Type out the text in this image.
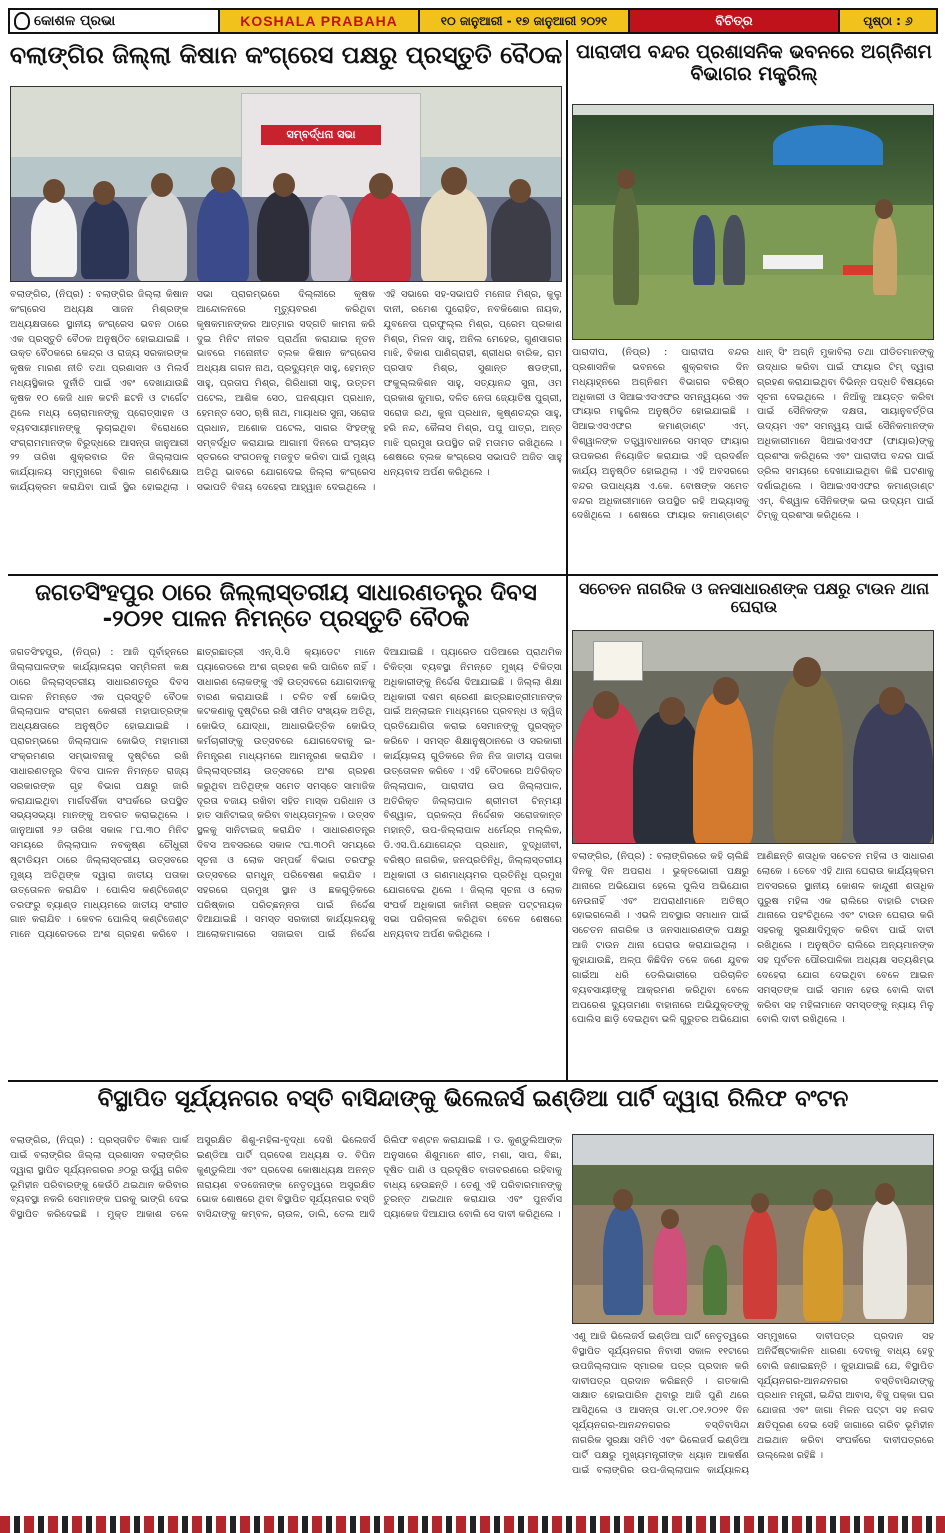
କୋଶଳ ପ୍ରଭା	KOSHALA PRABAHA	୧୦ ଜାନୁଆରୀ - ୧୭ ଜାନୁଆରୀ ୨୦୨୧	ବିଚିତ୍ର	ପୃଷ୍ଠା : ୬
ବଲାଙ୍ଗିର ଜିଲ୍ଲା କିଷାନ କଂଗ୍ରେସ ପକ୍ଷରୁ ପ୍ରସ୍ତୁତି ବୈଠକ
ସମ୍ବର୍ଦ୍ଧନା ସଭା
ବଲାଙ୍ଗିର, (ନିପ୍ର) : ବଲାଙ୍ଗିର ଜିଲ୍ଲା କିଷାନ କଂଗ୍ରେସ ଅଧ୍ୟକ୍ଷ ସାଜନ ମିଶ୍ରଙ୍କ ଅଧ୍ୟକ୍ଷତାରେ ସ୍ଥାନୀୟ କଂଗ୍ରେସ ଭବନ ଠାରେ ଏକ ପ୍ରସ୍ତୁତି ବୈଠକ ଅନୁଷ୍ଠିତ ହୋଇଯାଇଛି । ଉକ୍ତ ବୈଠକରେ କେନ୍ଦ୍ର ଓ ରାଜ୍ୟ ସରକାରଙ୍କ କୃଷକ ମାରଣ ନୀତି ତଥା ପ୍ରଶାସନ ଓ ମିଲର୍ସ ମଧ୍ୟସ୍ଥିକାର ଦୁର୍ନୀତି ପାଇଁ ଏବଂ ଦେଖାଯାଉଛି କୃଷକ ୧୦ କେଜି ଧାନ କଟନି ଛଟନି ଓ ଟାର୍ଗେଟ ଥିଲେ ମଧ୍ୟ ଚୋରାମାନଙ୍କୁ ପ୍ରୋତ୍ସାହନ ଓ ବ୍ୟବସାୟୀମାନଙ୍କୁ ଲୁଚାଇଥିବା ବିରୋଧରେ ସଂଗ୍ରାମମାନଙ୍କ ବିରୁଦ୍ଧରେ ଆସନ୍ତା ଜାନୁଆରୀ ୨୨ ତାରିଖ ଶୁକ୍ରବାର ଦିନ ଜିଲ୍ଲାପାଳ କାର୍ଯ୍ୟାଳୟ ସମ୍ମୁଖରେ ବିଶାଳ ଗଣବିକ୍ଷୋଭ କାର୍ଯ୍ୟକ୍ରମ କରାଯିବା ପାଇଁ ସ୍ଥିର ହୋଇଥିଲା । ସଭା ପ୍ରାରମ୍ଭରେ ଦିଲ୍ଲୀରେ କୃଷକ ଆନ୍ଦୋଳନରେ ମୃତ୍ୟୁବରଣ କରିଥିବା କୃଷକମାନଙ୍କର ଆତ୍ମାର ସଦ୍ଗତି କାମନା କରି ଦୁଇ ମିନିଟ ନୀରବ ପ୍ରାର୍ଥନା କରାଯାଇ ନୂତନ ଭାବରେ ମନୋନୀତ ବ୍ଲକ କିଷାନ କଂଗ୍ରେସ ଅଧ୍ୟକ୍ଷ ଗଗନ ନାଥ, ପ୍ରଦ୍ୟୁମ୍ନ ସାହୁ, ହେମନ୍ତ ସାହୁ, ପ୍ରତାପ ମିଶ୍ର, ଗିରିଧାରୀ ସାହୁ, ଉତ୍ତମ ପଟେଲ, ଆଶିକ ସେଠ, ଘନଶ୍ୟାମ ପ୍ରଧାନ, ହେମନ୍ତ ସେଠ, ଋଷି ନାଥ, ମାୟାଧର ସୁନା, ସରୋଜ ପ୍ରଧାନ, ଅଶୋକ ପଟେଲ, ସାଗର ସିଂହଙ୍କୁ ସମ୍ବର୍ଦ୍ଧିତ କରାଯାଇ ଆଗାମୀ ଦିନରେ ପଂଚାୟତ ସ୍ତରରେ ସଂଗଠନକୁ ମଜବୁତ କରିବା ପାଇଁ ମୁଖ୍ୟ ଅତିଥି ଭାବରେ ଯୋଗଦେଇ ଜିଲ୍ଲା କଂଗ୍ରେସ ସଭାପତି ବିଜୟ ଦେହେରା ଆହ୍ୱାନ ଦେଇଥିଲେ । ଏହି ସଭାରେ ସହ-ସଭାପତି ମନୋଜ ମିଶ୍ର, କୁଲୁ ଦାନୀ, ରମେଶ ପୁରୋହିତ, ନବକିଶୋର ନାୟକ, ଯୁବନେତା ପ୍ରଫୁଲ୍ଲ ମିଶ୍ର, ପ୍ରେମ ପ୍ରକାଶ ମିଶ୍ର, ମିଳନ ସାହୁ, ଅନିଲ ମେହେର, ଗୁଣସାଗର ମାଝି, ବିକାଶ ପାଣିଗ୍ରାହୀ, ଶ୍ରୀଧର ବାରିକ, ରାମ ପ୍ରସାଦ ମିଶ୍ର, ସୁଶାନ୍ତ ଷଡଙ୍ଗୀ, ଫକୁଲ୍ଲକିଶନ ସାହୁ, ସତ୍ୟାନନ୍ଦ ସୁନା, ଓମ ପ୍ରକାଶ କୁମାର, ଦଳିତ ନେତା ଜ୍ୟୋତିଷ ପୁଗ୍ରୀ, ସରୋଜ ରଥ, କୁନା ପ୍ରଧାନ, କୃଷ୍ଣଚନ୍ଦ୍ର ସାହୁ, ହରି ନନ୍ଦ, କୈଳାସ ମିଶ୍ର, ପପୁ ପାତ୍ର, ଅନ୍ତ ମାଝି ପ୍ରମୁଖ ଉପସ୍ଥିତ ରହି ମତାମତ ରଖିଥିଲେ । ଶେଷରେ ବ୍ଲକ କଂଗ୍ରେସ ସଭାପତି ଅଜିତ ସାହୁ ଧନ୍ୟବାଦ ଅର୍ପଣ କରିଥିଲେ ।
ପାରାଦୀପ ବନ୍ଦର ପ୍ରଶାସନିକ ଭବନରେ ଅଗ୍ନିଶମ ବିଭାଗର ମକ୍ଡ୍ରିଲ୍
ପାରାଦୀପ, (ନିପ୍ର) : ପାରାଦୀପ ବନ୍ଦର ପ୍ରଶାସନିକ ଭବନରେ ଶୁକ୍ରବାର ଦିନ ମଧ୍ୟାହ୍ନରେ ଅଗ୍ନିଶମ ବିଭାଗର ବରିଷ୍ଠ ଅଧିକାରୀ ଓ ସିଆଇଏସଏଫର ସମନ୍ୱୟରେ ଏକ ଫାୟାର ମକ୍ଡ୍ରିଲ ଅନୁଷ୍ଠିତ ହୋଇଯାଇଛି । ସିଆଇଏସଏଫର କମାଣ୍ଡାଣ୍ଟ ଏମ୍. ବିଶ୍ୱାଳଙ୍କ ତତ୍ତ୍ୱାବଧାନରେ ସମସ୍ତ ଫାୟାର ଉପକରଣ ନିୟୋଜିତ କରାଯାଇ ଏହି ପ୍ରଦର୍ଶନ କାର୍ଯ୍ୟ ଅନୁଷ୍ଠିତ ହୋଇଥିଲା । ଏହି ଅବସରରେ ବନ୍ଦର ଉପାଧ୍ୟକ୍ଷ ଏ.କେ. ବୋଷଙ୍କ ସମେତ ବନ୍ଦର ଅଧିକାରୀମାନେ ଉପସ୍ଥିତ ରହି ଅଭ୍ୟାସକୁ ଦେଖିଥିଲେ । ଶେଷରେ ଫାୟାର କମାଣ୍ଡାଣ୍ଟ ଧାନ୍ ସିଂ ଅଗ୍ନି ମୁକାବିଲା ତଥା ପୀଡିତମାନଙ୍କୁ ଉଦ୍ଧାର କରିବା ପାଇଁ ଫାୟାର ଟିମ୍ ଦ୍ୱାରା ଗ୍ରହଣ କରାଯାଇଥିବା ବିଭିନ୍ନ ପଦ୍ଧତି ବିଷୟରେ ସୂଚନା ଦେଇଥିଲେ । ନିଆଁକୁ ଆୟତ୍ତ କରିବା ପାଇଁ ସୈନିକଙ୍କ ଦକ୍ଷତା, ସାୟାନୁବର୍ତ୍ତିତା ଉଦ୍ୟମ ଏବଂ ସମନ୍ୱୟ ପାଇଁ ସୈନିକମାନଙ୍କ ଅଧିକାରୀମାନେ ସିଆଇଏସଏଫ (ଫାୟାର)ଙ୍କୁ ପ୍ରଶଂସା କରିଥିଲେ ଏବଂ ପାରାଦୀପ ବନ୍ଦର ପାଇଁ ଡ୍ରିଲ ସମୟରେ ଦେଖାଯାଇଥିବା କିଛି ଘଟଣାକୁ ଦର୍ଶାଇଥିଲେ । ସିଆଇଏସଏଫର କମାଣ୍ଡାଣ୍ଟ ଏମ୍. ବିଶ୍ୱାଳ ସୈନିକଙ୍କ ଭଲ ଉଦ୍ୟମ ପାଇଁ ଟିମ୍କୁ ପ୍ରଶଂସା କରିଥିଲେ ।
ଜଗତସିଂହପୁର ଠାରେ ଜିଲ୍ଲାସ୍ତରୀୟ ସାଧାରଣତନ୍ତ୍ର ଦିବସ -୨୦୨୧ ପାଳନ ନିମନ୍ତେ ପ୍ରସ୍ତୁତି ବୈଠକ
ଜଗତସିଂହପୁର, (ନିପ୍ର) : ଆଜି ପୂର୍ବାହ୍ନରେ ଜିଲ୍ଲାପାଳଙ୍କ କାର୍ଯ୍ୟାଳୟର ସମ୍ମିଳନୀ କକ୍ଷ ଠାରେ ଜିଲ୍ଲାସ୍ତରୀୟ ସାଧାରଣତନ୍ତ୍ର ଦିବସ ପାଳନ ନିମନ୍ତେ ଏକ ପ୍ରସ୍ତୁତି ବୈଠକ ଜିଲ୍ଲାପାଳ ସଂଗ୍ରାମ କେଶରୀ ମହାପାତ୍ରଙ୍କ ଅଧ୍ୟକ୍ଷତାରେ ଅନୁଷ୍ଠିତ ହୋଇଯାଇଛି । ପ୍ରାରମ୍ଭରେ ଜିଲ୍ଲାପାଳ କୋଭିଡ୍ ମହାମାରୀ ସଂକ୍ରମଣର ସମ୍ଭାବନାକୁ ଦୃଷ୍ଟିରେ ରଖି ସାଧାରଣତନ୍ତ୍ର ଦିବସ ପାଳନ ନିମନ୍ତେ ରାଜ୍ୟ ସରକାରଙ୍କ ଗୃହ ବିଭାଗ ପକ୍ଷରୁ ଜାରି କରାଯାଇଥିବା ମାର୍ଗଦର୍ଶିକା ସଂପର୍କରେ ଉପସ୍ଥିତ ସଭ୍ୟସଭ୍ୟା ମାନଙ୍କୁ ଅବଗତ କରାଇଥିଲେ । ଜାନୁଆରୀ ୨୬ ତାରିଖ ସକାଳ ୮ଘ.୩୦ ମିନିଟ ସମୟରେ ଜିଲ୍ଲାପାଳ ନବକୃଷ୍ଣ ଚୌଧୁରୀ ଷ୍ଟାଡିୟମ ଠାରେ ଜିଲ୍ଲାସ୍ତରୀୟ ଉତ୍ସବରେ ମୁଖ୍ୟ ଅତିଥିଙ୍କ ଦ୍ୱାରା ଜାତୀୟ ପତାକା ଉତ୍ତୋଳନ କରାଯିବ । ପୋଲିସ କଣ୍ଟିଜେଣ୍ଟ ତରଫରୁ ବ୍ୟାଣ୍ଡ ମାଧ୍ୟମରେ ଜାତୀୟ ସଂଗୀତ ଗାନ କରାଯିବ । କେବଳ ପୋଲିସ୍ କଣ୍ଟିଜେଣ୍ଟ ମାନେ ପ୍ୟାରେଡରେ ଅଂଶ ଗ୍ରହଣ କରିବେ । ଛାତ୍ରଛାତ୍ରୀ ଏନ୍.ସି.ସି କ୍ୟାଡେଟ ମାନେ ପ୍ୟାରେଡରେ ଅଂଶ ଗ୍ରହଣ କରି ପାରିବେ ନାହିଁ । ସାଧାରଣ ଲୋକଙ୍କୁ ଏହି ଉତ୍ସବରେ ଯୋଗଦାନକୁ ବାରଣ କରାଯାଉଛି । ଚଳିତ ବର୍ଷ କୋଭିଡ୍ କଟକଣାକୁ ଦୃଷ୍ଟିରେ ରଖି ସୀମିତ ସଂଖ୍ୟକ ଅତିଥି, କୋଭିଡ୍ ଯୋଦ୍ଧା, ଆଧାରଭିତ୍ତିକ କୋଭିଡ୍ କର୍ମଚାରୀଙ୍କୁ ଉତ୍ସବରେ ଯୋଗଦେବାକୁ ଇ-ନିମନ୍ତ୍ରଣ ମାଧ୍ୟମରେ ଆମନ୍ତ୍ରଣ କରାଯିବ । ଜିଲ୍ଲାସ୍ତରୀୟ ଉତ୍ସବରେ ଅଂଶ ଗ୍ରହଣ କରୁଥିବା ଅତିଥିଙ୍କ ସମେତ ସମସ୍ତେ ସାମାଜିକ ଦୂରତା ବଜାୟ ରଖିବା ସହିତ ମାସ୍କ ପରିଧାନ ଓ ହାତ ସାନିଟାଇଜ୍ କରିବା ବାଧ୍ୟତାମୂଳକ । ଉତ୍ସବ ସ୍ଥଳକୁ ସାନିଟାଇଜ୍ କରାଯିବ । ସାଧାରଣତନ୍ତ୍ର ଦିବସ ଅବସରରେ ସକାଳ ୯ଘ.୩୦ମି ସମୟରେ ସୂଚନା ଓ ଲୋକ ସମ୍ପର୍କ ବିଭାଗ ତରଫରୁ ଉତ୍ସବରେ ରାମଧୁନ୍ ପରିବେଷଣ କରାଯିବ । ସହରରେ ପ୍ରମୁଖ ସ୍ଥାନ ଓ ଛକଗୁଡ଼ିକରେ ପରିଷ୍କାର ପରିଚ୍ଛନ୍ନତା ପାଇଁ ନିର୍ଦ୍ଦେଶ ଦିଆଯାଇଛି । ସମସ୍ତ ସରକାରୀ କାର୍ଯ୍ୟାଳୟକୁ ଆଲୋକମାଳାରେ ସଜାଇବା ପାଇଁ ନିର୍ଦ୍ଦେଶ ଦିଆଯାଇଛି । ପ୍ୟାରେଡ ପଡିଆରେ ପ୍ରାଥମିକ ଚିକିତ୍ସା ବ୍ୟବସ୍ଥା ନିମନ୍ତେ ମୁଖ୍ୟ ଚିକିତ୍ସା ଅଧିକାରୀଙ୍କୁ ନିର୍ଦ୍ଦେଶ ଦିଆଯାଇଛି । ଜିଲ୍ଲା ଶିକ୍ଷା ଅଧିକାରୀ ଦଶମ ଶ୍ରେଣୀ ଛାତ୍ରଛାତ୍ରୀମାନଙ୍କ ପାଇଁ ଅନ୍‌ଲାଇନ ମାଧ୍ୟମରେ ପ୍ରବନ୍ଧ ଓ କ୍ୱିଜ୍ ପ୍ରତିଯୋଗିତା କରାଇ ସେମାନଙ୍କୁ ପୁରସ୍କୃତ କରିବେ । ସମସ୍ତ ଶିକ୍ଷାନୁଷ୍ଠାନରେ ଓ ସରକାରୀ କାର୍ଯ୍ୟାଳୟ ଗୁଡିକରେ ନିଜ ନିଜ ଜାତୀୟ ପତାକା ଉତ୍ତୋଳନ କରିବେ । ଏହି ବୈଠକରେ ଅତିରିକ୍ତ ଜିଲ୍ଲାପାଳ, ପାରାଦୀପ ଉପ ଜିଲ୍ଲାପାଳ, ଅତିରିକ୍ତ ଜିଲ୍ଲାପାଳ ଶ୍ରୀମତୀ ଚିନ୍ମୟୀ ବିଶ୍ୱାଳ, ପ୍ରକଳ୍ପ ନିର୍ଦ୍ଦେଶକ ସରୋଜକାନ୍ତ ମହାନ୍ତି, ଉପ-ଜିଲ୍ଲାପାଳ ଧର୍ମେନ୍ଦ୍ର ମଲ୍ଲିକ, ଡି.ଏସ.ପି.ଯୋଗେନ୍ଦ୍ର ପ୍ରଧାନ, ବୁଦ୍ଧିଜୀବୀ, ବରିଷ୍ଠ ନାଗରିକ, ଜନପ୍ରତିନିଧି, ଜିଲ୍ଲାସ୍ତରୀୟ ଅଧିକାରୀ ଓ ଗଣମାଧ୍ୟମର ପ୍ରତିନିଧି ପ୍ରମୁଖ ଯୋଗଦେଇ ଥିଲେ । ଜିଲ୍ଲା ସୂଚନା ଓ ଲୋକ ସଂପର୍କ ଅଧିକାରୀ କାମିନୀ ରଞ୍ଜନ ପଟ୍ଟନାୟକ ସଭା ପରିଚାଳନା କରିଥିବା ବେଳେ ଶେଷରେ ଧନ୍ୟବାଦ ଅର୍ପଣ କରିଥିଲେ ।
ସଚେତନ ନାଗରିକ ଓ ଜନସାଧାରଣଙ୍କ ପକ୍ଷରୁ ଟାଉନ ଥାନା ଘେରାଉ
ବଲାଙ୍ଗିର, (ନିପ୍ର) : ବଲାଙ୍ଗିରରେ କହି ଚାଲିଛି ଦିନକୁ ଦିନ ଅପରାଧ । ଭୁକ୍ତଭୋଗୀ ପକ୍ଷରୁ ଥାନାରେ ଅଭିଯୋଗ ହେଲେ ପୁଲିସ ଅଭିଯୋଗ ନେଉନାହିଁ ଏବଂ ଅପରାଧୀମାନେ ଅତିଷ୍ଠ ହୋଇଗଲେଣି । ଏଭଳି ଅବସ୍ଥାର ସମାଧାନ ପାଇଁ ସଚେତନ ନାଗରିକ ଓ ଜନସାଧାରଣଙ୍କ ପକ୍ଷରୁ ଆଜି ଟାଉନ ଥାନା ଘେରାଉ କରାଯାଇଥିଲା । କୁହାଯାଉଛି, ଅଳ୍ପ କିଛିଦିନ ତଳେ ଜଣେ ଯୁବକ ଗାଇଁଆ ଧରି ଡେଲିଭାରୀରେ ପରିଚାଳିତ ବ୍ୟବସାୟୀଙ୍କୁ ଆକ୍ରମଣ କରିଥିବା ବେଳେ ଅପରେଶ ଦ୍ୟୁତାମଣା ବାହାନାରେ ଅଭିଯୁକ୍ତଙ୍କୁ ପୋଲିସ ଛାଡ଼ି ଦେଇଥିବା ଭଳି ଗୁରୁତର ଅଭିଯୋଗ ଆଣିଛନ୍ତି ଶତାଧିକ ସଚେତନ ମହିଳା ଓ ସାଧାରଣ ଲୋକେ । ତେବେ ଏହି ଥାନା ଘେରାଉ କାର୍ଯ୍ୟକ୍ରମ ଅବସରରେ ସ୍ଥାନୀୟ କୋଶଳ କାନ୍ଦୁଣୀ ଶତାଧିକ ପୁରୁଷ ମହିଳା ଏକ ରାଲିରେ ବାହାରି ଟାଉନ ଥାନାରେ ପହଂଚିଥିଲେ ଏବଂ ଟାଉନ ଘେରାଉ କରି ସହରକୁ ସୁରକ୍ଷାଦିମୁକ୍ତ କରିବା ପାଇଁ ଦାବୀ ରଖିଥିଲେ । ଅନୁଷ୍ଠିତ ରାଲିରେ ଅନ୍ୟମାନଙ୍କ ସହ ପୂର୍ବତନ ପୌରପାଳିକା ଅଧ୍ୟକ୍ଷ ସତ୍ୟଶିମ୍ଭ ଦେହେରା ଯୋଗ ଦେଇଥିବା ବେଳେ ଆଇନ ସମସ୍ତଙ୍କ ପାଇଁ ସମାନ ହେଉ ବୋଲି ଦାବୀ କରିବା ସହ ମହିଳାମାନେ ସମସ୍ତଙ୍କୁ ନ୍ୟାୟ ମିଳୁ ବୋଲି ଦାବୀ ରଖିଥିଲେ ।
ବିସ୍ଥାପିତ ସୂର୍ଯ୍ୟନଗର ବସ୍ତି ବାସିନ୍ଦାଙ୍କୁ ଭିଲେଜର୍ସ ଇଣ୍ଡିଆ ପାର୍ଟି ଦ୍ୱାରା ରିଲିଫ ବଂଟନ
ବଲାଙ୍ଗିର, (ନିପ୍ର) : ପ୍ରସ୍ତାବିତ ବିଜ୍ଞାନ ପାର୍କ ପାଇଁ ବଲାଙ୍ଗିର ଜିଲ୍ଲା ପ୍ରଶାସନ ବଲାଙ୍ଗିର ଦ୍ୱାରା ସ୍ଥାପିତ ସୂର୍ଯ୍ୟନଗରର ୬୦ରୁ ଉର୍ଦ୍ଧ୍ୱ ଗରିବ ଭୂମିହୀନ ପରିବାରଙ୍କୁ କେଉଁଠି ଥଇଥାନ କରିବାର ବ୍ୟବସ୍ଥା ନକରି ସେମାନଙ୍କ ଘରକୁ ଭାଙ୍ଗି ଦେଇ ବିସ୍ଥାପିତ କରିଦେଇଛି । ମୁକ୍ତ ଆକାଶ ତଳେ ଅସୁରକ୍ଷିତ ଶିଶୁ-ମହିଳା-ବୃଦ୍ଧା ଦେଖି ଭିଲେଜର୍ସ ଇଣ୍ଡିଆ ପାର୍ଟି ପ୍ରଦେଶ ଅଧ୍ୟକ୍ଷ ଡ. ବିପିନ କୁଣ୍ଡୁଲିଆ ଏବଂ ପ୍ରଦେଶ କୋଷାଧ୍ୟକ୍ଷ ଅନନ୍ତ ନାରାୟଣ ବଡଜେନାଙ୍କ ନେତୃତ୍ୱରେ ଅସୁରକ୍ଷିତ ଭୋକ ଶୋଷରେ ଥିବା ବିସ୍ଥାପିତ ସୂର୍ଯ୍ୟନଗର ବସ୍ତି ବାସିନ୍ଦାଙ୍କୁ କମ୍ବଳ, ଚାଉଳ, ଡାଲି, ତେଲ ଆଦି ରିଲିଫ ବଣ୍ଟନ କରାଯାଇଛି । ଡ. କୁଣ୍ଡୁଲିଆଙ୍କ ଅନୁସାରେ ଶିଶୁମାନେ ଶୀତ, ମଶା, ସାପ, ବିଛା, ଦୂଷିତ ପାଣି ଓ ପ୍ରଦୂଷିତ ବାତାବରଣରେ ରହିବାକୁ ବାଧ୍ୟ ହେଉଛନ୍ତି । ତେଣୁ ଏହି ପରିବାରମାନଙ୍କୁ ତୁରନ୍ତ ଥଇଥାନ କରାଯାଉ ଏବଂ ପୁନର୍ବାସ ପ୍ୟାକେଜ ଦିଆଯାଉ ବୋଲି ସେ ଦାବୀ କରିଥିଲେ ।
ଏଣୁ ଆଜି ଭିଲେଜର୍ସ ଇଣ୍ଡିଆ ପାର୍ଟି ନେତୃତ୍ୱରେ ବିସ୍ଥାପିତ ସୂର୍ଯ୍ୟନଗର ନିବାସୀ ସକାଳ ୧୧ଟାରେ ଉପଜିଲ୍ଲାପାଳ ସ୍ମାରକ ପତ୍ର ପ୍ରଦାନ କରି ଦାବୀପତ୍ର ପ୍ରଦାନ କରିଛନ୍ତି । ଗତକାଲି ସାକ୍ଷାତ ହୋଇପାରିନ ଥିବାରୁ ଆଜି ପୁଣି ଥରେ ଆସିଥିଲେ ଓ ଆସନ୍ତା ଡା.୧୮.୦୧.୨୦୨୧ ଦିନ ସୂର୍ଯ୍ୟନଗର-ଆନନ୍ଦନଗରର ବସ୍ତିବାସିନ୍ଦା ନାଗରିକ ସୁରକ୍ଷା ସମିତି ଏବଂ ଭିଲେଜର୍ସ ଇଣ୍ଡିଆ ପାର୍ଟି ପକ୍ଷରୁ ମୁଖ୍ୟମନ୍ତ୍ରୀଙ୍କ ଧ୍ୟାନ ଆକର୍ଷଣ ପାଇଁ ବଲାଙ୍ଗିର ଉପ-ଜିଲ୍ଲାପାଳ କାର୍ଯ୍ୟାଳୟ ସମ୍ମୁଖରେ ଦାବୀପତ୍ର ପ୍ରଦାନ ସହ ଅନିର୍ଦ୍ଦିଷ୍ଟକାଳିନ ଧାରଣା ଦେବାକୁ ବାଧ୍ୟ ହେବୁ ବୋଲି ଜଣାଇଛନ୍ତି । କୁହାଯାଇଛି ଯେ, ବିସ୍ଥାପିତ ସୂର୍ଯ୍ୟନଗର-ଆନନ୍ଦନଗର ବସ୍ତିବାସିନ୍ଦାଙ୍କୁ ପ୍ରଧାନ ମନ୍ତ୍ରୀ, ଇନ୍ଦିରା ଆବାସ, ବିଜୁ ପକ୍କା ଘର ଯୋଜନା ଏବଂ ଜାଗା ମିଳନ ପଟ୍ଟା ସହ ନଗଦ କ୍ଷତିପୂରଣ ଦେଇ ସେହି ଜାଗାରେ ଗରିବ ଭୂମିହୀନ ଥଇଥାନ କରିବା ସଂପର୍କରେ ଦାବୀପତ୍ରରେ ଉଲ୍ଲେଖ ରହିଛି ।
